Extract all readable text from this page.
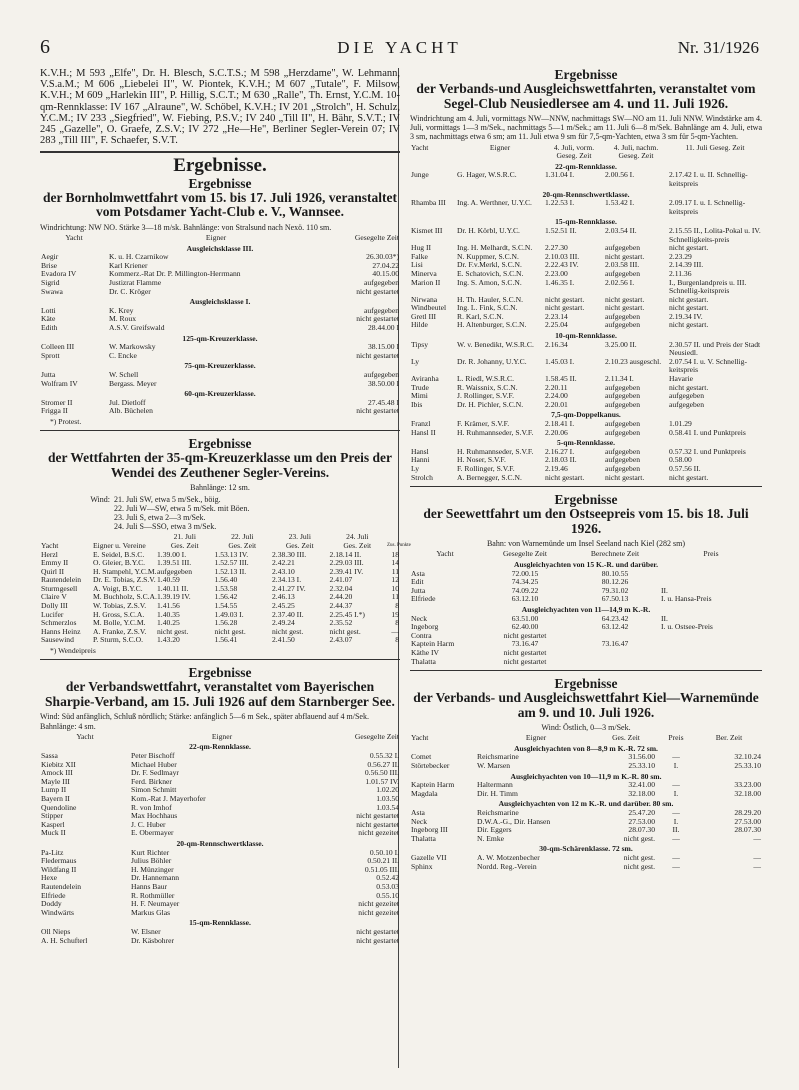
6	DIE YACHT	Nr. 31/1926

K.V.H.; M 593 „Elfe", Dr. H. Blesch, S.C.T.S.; M 598 „Herzdame", W. Lehmann, V.S.a.M.; M 606 „Liebelei II", W. Piontek, K.V.H.; M 607 „Tutale", F. Milsow, K.V.H.; M 609 „Harlekin III", P. Hillig, S.C.T.; M 630 „Ralle", Th. Ernst, Y.C.M. 10-qm-Rennklasse: IV 167 „Alraune", W. Schöbel, K.V.H.; IV 201 „Strolch", H. Schulz, Y.C.M.; IV 233 „Siegfried", W. Fiebing, P.S.V.; IV 240 „Till II", H. Bähr, S.V.T.; IV 245 „Gazelle", O. Graefe, Z.S.V.; IV 272 „He—He", Berliner Segler-Verein 07; IV 283 „Till III", F. Schaefer, S.V.T.

Ergebnisse.
Ergebnisse
der Bornholmwettfahrt vom 15. bis 17. Juli 1926, veranstaltet vom Potsdamer Yacht-Club e. V., Wannsee.
Windrichtung: NW NO. Stärke 3—18 m/sk. Bahnlänge: von Stralsund nach Nexö. 110 sm.
Yacht	Eigner	Gesegelte Zeit
Ausgleichsklasse III.		
Aegir	K. u. H. Czarnikow	26.30.03*)
Brise	Karl Kriener	27.04.22
Evadora IV	Kommerz.-Rat Dr. P. Millington-Herrmann	40.15.00
Sigrid	Justizrat Flamme	aufgegeben
Swawa	Dr. C. Kröger	nicht gestartet
Ausgleichsklasse I.		
Lotti	K. Krey	aufgegeben
Käte	M. Roux	nicht gestartet
Edith	A.S.V. Greifswald	28.44.00 I
125-qm-Kreuzerklasse.		
Colleen III	W. Markowsky	38.15.00 I
Sprott	C. Encke	nicht gestartet
75-qm-Kreuzerklasse.		
Jutta	W. Schell	aufgegeben
Wolfram IV	Bergass. Meyer	38.50.00 I
60-qm-Kreuzerklasse.		
Stromer II	Jul. Dietloff	27.45.48 I
Frigga II	Alb. Büchelen	nicht gestartet
*) Protest.
Ergebnisse
der Wettfahrten der 35-qm-Kreuzerklasse um den Preis der Wendei des Zeuthener Segler-Vereins.
Bahnlänge: 12 sm.
Wind: 21. Juli SW, etwa 5 m/Sek., böig.
22. Juli W—SW, etwa 5 m/Sek. mit Böen.
23. Juli S, etwa 2—3 m/Sek.
24. Juli S—SSO, etwa 3 m/Sek.
		21. Juli	22. Juli	23. Juli	24. Juli	
Yacht	Eigner u. Vereine	Ges. Zeit	Ges. Zeit	Ges. Zeit	Ges. Zeit	Zus. Punkte
Herzl	E. Seidel, B.S.C.	1.39.00 I.	1.53.13 IV.	2.38.30 III.	2.18.14 II.	18
Emmy II	O. Gleier, B.Y.C.	1.39.51 III.	1.52.57 III.	2.42.21	2.29.03 III.	14
Quirl II	H. Stampehl, Y.C.M.	aufgegeben	1.52.13 II.	2.43.10	2.39.41 IV.	11
Rautendelein	Dr. E. Tobias, Z.S.V.	1.40.59	1.56.40	2.34.13 I.	2.41.07	12
Sturmgesell	A. Voigt, B.Y.C.	1.40.11 II.	1.53.58	2.41.27 IV.	2.32.04	10
Claire V	M. Buchholz, S.C.A.	1.39.19 IV.	1.56.42	2.46.13	2.44.20	11
Dolly III	W. Tobias, Z.S.V.	1.41.56	1.54.55	2.45.25	2.44.37	8
Lucifer	H. Gross, S.C.A.	1.40.35	1.49.03 I.	2.37.40 II.	2.25.45 I.*)	19
Schmerzlos	M. Bolle, Y.C.M.	1.40.25	1.56.28	2.49.24	2.35.52	8
Hanns Heinz	A. Franke, Z.S.V.	nicht gest.	nicht gest.	nicht gest.	nicht gest.	—
Sausewind	P. Sturm, S.C.O.	1.43.20	1.56.41	2.41.50	2.43.07	8
*) Wendeipreis
Ergebnisse
der Verbandswettfahrt, veranstaltet vom Bayerischen Sharpie-Verband, am 15. Juli 1926 auf dem Starnberger See.
Wind: Süd anfänglich, Schluß nördlich; Stärke: anfänglich 5—6 m Sek., später abflauend auf 4 m/Sek. Bahnlänge: 4 sm.
Yacht	Eigner	Gesegelte Zeit
22-qm-Rennklasse.		
Sassa	Peter Bischoff	0.55.32 I.
Kiebitz XII	Michael Huber	0.56.27 II.
Amock III	Dr. F. Sedlmayr	0.56.50 III.
Mayle III	Ferd. Birkner	1.01.57 IV.
Lump II	Simon Schmitt	1.02.20
Bayern II	Kom.-Rat J. Mayerhofer	1.03.50
Quendoline	R. von Imhof	1.03.54
Stipper	Max Hochhaus	nicht gestartet
Kasperl	J. C. Huber	nicht gestartet
Muck II	E. Obermayer	nicht gezeitet
20-qm-Rennschwertklasse.		
Pa-Litz	Kurt Richter	0.50.10 I.
Fledermaus	Julius Böhler	0.50.21 II.
Wildfang II	H. Münzinger	0.51.05 III.
Hexe	Dr. Hannemann	0.52.42
Rautendelein	Hanns Baur	0.53.03
Elfriede	R. Rothmüller	0.55.10
Doddy	H. F. Neumayer	nicht gezeitet
Windwärts	Markus Glas	nicht gezeitet
15-qm-Rennklasse.		
Oll Nieps	W. Elsner	nicht gestartet
A. H. Schufterl	Dr. Käsbohrer	nicht gestartet
Ergebnisse
der Verbands-und Ausgleichswettfahrten, veranstaltet vom Segel-Club Neusiedlersee am 4. und 11. Juli 1926.
Windrichtung am 4. Juli, vormittags NW—NNW, nachmittags SW—NO am 11. Juli NNW. Windstärke am 4. Juli, vormittags 1—3 m/Sek., nachmittags 5—1 m/Sek.; am 11. Juli 6—8 m/Sek. Bahnlänge am 4. Juli, etwa 3 sm, nachmittags etwa 6 sm; am 11. Juli etwa 9 sm für 7,5-qm-Yachten, etwa 3 sm für 5-qm-Yachten.
Yacht	Eigner	4. Juli, vorm. Geseg. Zeit	4. Juli, nachm. Geseg. Zeit	11. Juli Geseg. Zeit
22-qm-Rennklasse.				
Junge	G. Hager, W.S.R.C.	1.31.04 I.	2.00.56 I.	2.17.42 I. u. II. Schnellig-keitspreis
20-qm-Rennschwertklasse.				
Rhamba III	Ing. A. Werthner, U.Y.C.	1.22.53 I.	1.53.42 I.	2.09.17 I. u. I. Schnellig-keitspreis
15-qm-Rennklasse.				
Kismet III	Dr. H. Körbl, U.Y.C.	1.52.51 II.	2.03.54 II.	2.15.55 II., Lolita-Pokal u. IV. Schnelligkeits-preis
Hug II	Ing. H. Melhardt, S.C.N.	2.27.30	aufgegeben	nicht gestart.
Falke	N. Kuppmer, S.C.N.	2.10.03 III.	nicht gestart.	2.23.29
Lisi	Dr. F.v.Merkl, S.C.N.	2.22.43 IV.	2.03.58 III.	2.14.39 III.
Minerva	E. Schatovich, S.C.N.	2.23.00	aufgegeben	2.11.36
Marion II	Ing. S. Amon, S.C.N.	1.46.35 I.	2.02.56 I.	I., Burgenlandpreis u. III. Schnellig-keitspreis
Nirwana	H. Th. Hauler, S.C.N.	nicht gestart.	nicht gestart.	nicht gestart.
Windbeutel	Ing. L. Fink, S.C.N.	nicht gestart.	nicht gestart.	nicht gestart.
Gretl III	R. Karl, S.C.N.	2.23.14	aufgegeben	2.19.34 IV.
Hilde	H. Altenburger, S.C.N.	2.25.04	aufgegeben	nicht gestart.
10-qm-Rennklasse.				
Tipsy	W. v. Benedikt, W.S.R.C.	2.16.34	3.25.00 II.	2.30.57 II. und Preis der Stadt Neusiedl.
Ly	Dr. R. Johanny, U.Y.C.	1.45.03 I.	2.10.23 ausgeschl.	2.07.54 I. u. V. Schnellig-keitspreis
Aviranha	L. Riedl, W.S.R.C.	1.58.45 II.	2.11.34 I.	Havarie
Trude	R. Waissnix, S.C.N.	2.20.11	aufgegeben	nicht gestart.
Mimi	J. Rollinger, S.V.F.	2.24.00	aufgegeben	aufgegeben
Ibis	Dr. H. Pichler, S.C.N.	2.20.01	aufgegeben	aufgegeben
7,5-qm-Doppelkanus.				
Franzl	F. Krämer, S.V.F.	2.18.41 I.	aufgegeben	1.01.29
Hansl II	H. Ruhmannseder, S.V.F.	2.20.06	aufgegeben	0.58.41 I. und Punktpreis
5-qm-Rennklasse.				
Hansl	H. Ruhmannseder, S.V.F.	2.16.27 I.	aufgegeben	0.57.32 I. und Punktpreis
Hanni	H. Noser, S.V.F.	2.18.03 II.	aufgegeben	0.58.00
Ly	F. Rollinger, S.V.F.	2.19.46	aufgegeben	0.57.56 II.
Strolch	A. Bernegger, S.C.N.	nicht gestart.	nicht gestart.	nicht gestart.
Ergebnisse
der Seewettfahrt um den Ostseepreis vom 15. bis 18. Juli 1926.
Bahn: von Warnemünde um Insel Seeland nach Kiel (282 sm)
Yacht	Gesegelte Zeit	Berechnete Zeit	Preis
Ausgleichyachten von 15 K.-R. und darüber.			
Asta	72.00.15	80.10.55	
Edit	74.34.25	80.12.26	
Jutta	74.09.22	79.31.02	II.
Elfriede	63.12.10	67.50.13	I. u. Hansa-Preis
Ausgleichyachten von 11—14,9 m K.-R.			
Neck	63.51.00	64.23.42	II.
Ingeborg	62.40.00	63.12.42	I. u. Ostsee-Preis
Contra	nicht gestartet		
Kaptein Harm	73.16.47	73.16.47	
Käthe IV	nicht gestartet		
Thalatta	nicht gestartet		
Ergebnisse
der Verbands- und Ausgleichswettfahrt Kiel—Warnemünde am 9. und 10. Juli 1926.
Wind: Östlich, 0—3 m/Sek.
Yacht	Eigner	Ges. Zeit	Preis	Ber. Zeit
Ausgleichyachten von 8—8,9 m K.-R. 72 sm.				
Comet	Reichsmarine	31.56.00	—	32.10.24
Störtebecker	W. Marsen	25.33.10	I.	25.33.10
Ausgleichyachten von 10—11,9 m K.-R. 80 sm.				
Kaptein Harm	Haltermann	32.41.00	—	33.23.00
Magdala	Dir. H. Timm	32.18.00	I.	32.18.00
Ausgleichyachten von 12 m K.-R. und darüber. 80 sm.				
Asta	Reichsmarine	25.47.20	—	28.29.20
Neck	D.W.A.-G., Dir. Hansen	27.53.00	I.	27.53.00
Ingeborg III	Dir. Eggers	28.07.30	II.	28.07.30
Thalatta	N. Emke	nicht gest.	—	—
30-qm-Schärenklasse. 72 sm.				
Gazelle VII	A. W. Motzenbecher	nicht gest.	—	—
Sphinx	Nordd. Reg.-Verein	nicht gest.	—	—
